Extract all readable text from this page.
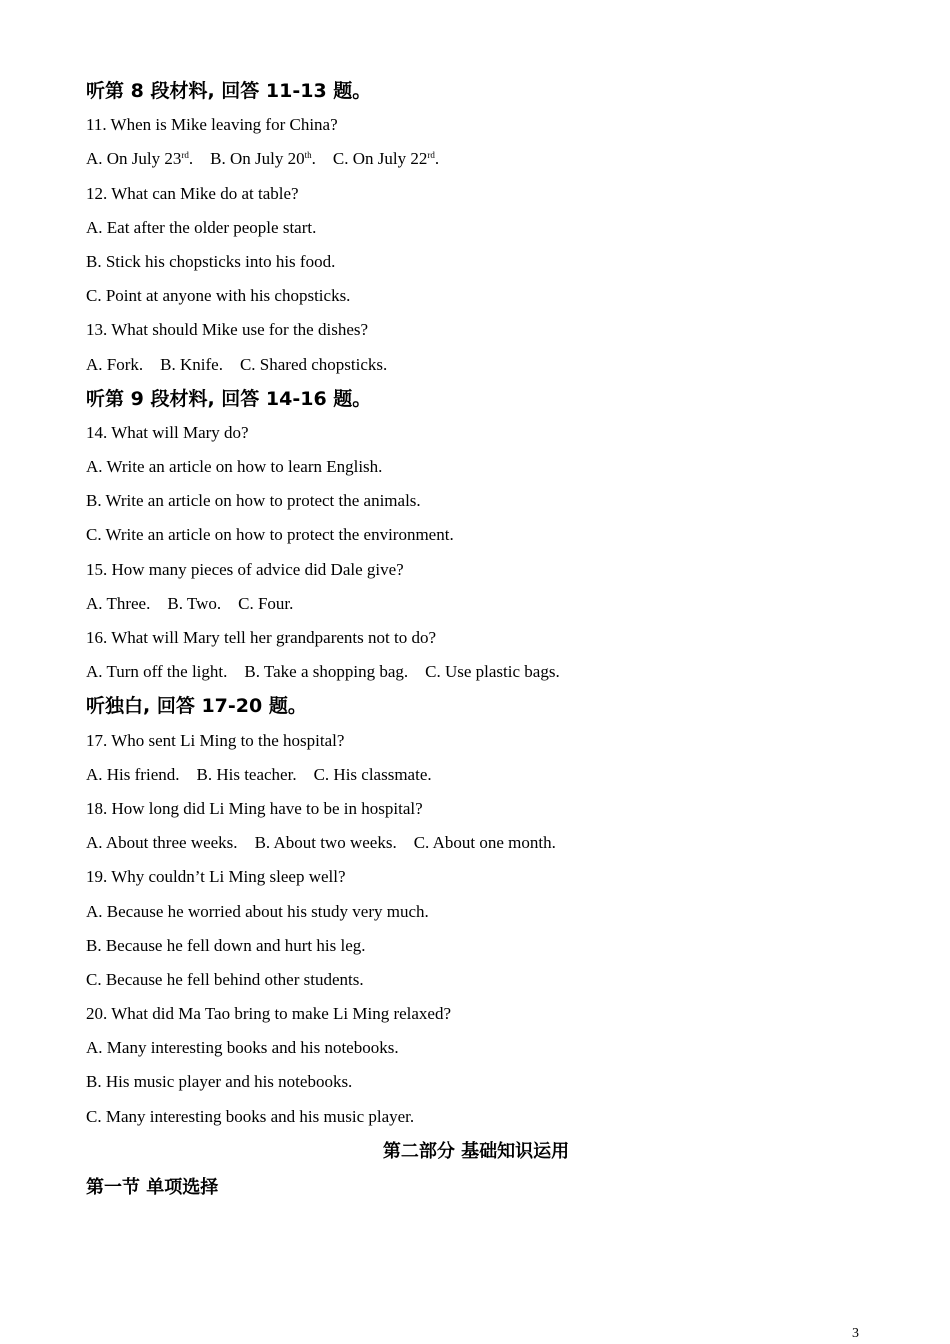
听第 8 段材料, 回答 11-13 题。
11. When is Mike leaving for China?
A. On July 23rd. B. On July 20th. C. On July 22rd.
12. What can Mike do at table?
A. Eat after the older people start.
B. Stick his chopsticks into his food.
C. Point at anyone with his chopsticks.
13. What should Mike use for the dishes?
A. Fork. B. Knife. C. Shared chopsticks.
听第 9 段材料, 回答 14-16 题。
14. What will Mary do?
A. Write an article on how to learn English.
B. Write an article on how to protect the animals.
C. Write an article on how to protect the environment.
15. How many pieces of advice did Dale give?
A. Three. B. Two. C. Four.
16. What will Mary tell her grandparents not to do?
A. Turn off the light. B. Take a shopping bag. C. Use plastic bags.
听独白, 回答 17-20 题。
17. Who sent Li Ming to the hospital?
A. His friend. B. His teacher. C. His classmate.
18. How long did Li Ming have to be in hospital?
A. About three weeks. B. About two weeks. C. About one month.
19. Why couldn’t Li Ming sleep well?
A. Because he worried about his study very much.
B. Because he fell down and hurt his leg.
C. Because he fell behind other students.
20. What did Ma Tao bring to make Li Ming relaxed?
A. Many interesting books and his notebooks.
B. His music player and his notebooks.
C. Many interesting books and his music player.
第二部分 基础知识运用
第一节 单项选择
3
